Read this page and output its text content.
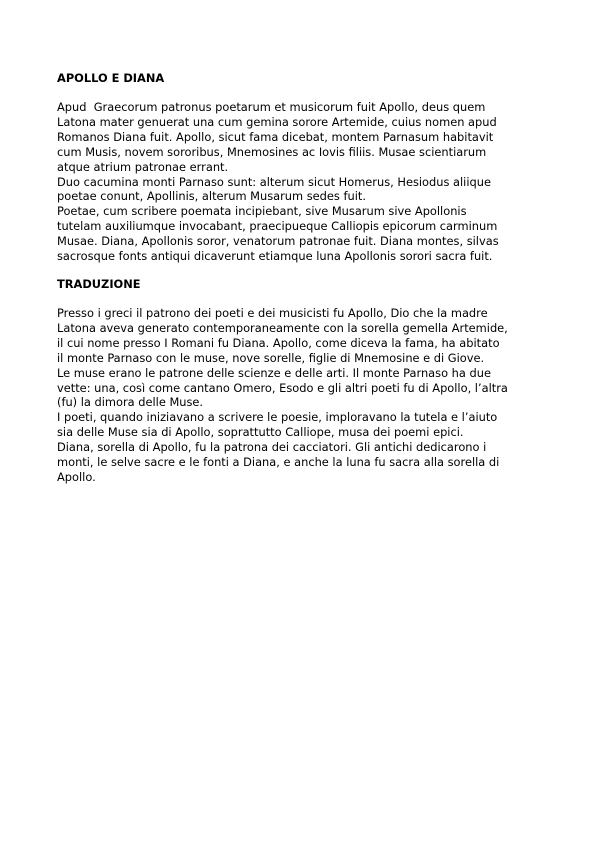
APOLLO E DIANA

Apud  Graecorum patronus poetarum et musicorum fuit Apollo, deus quem

Latona mater genuerat una cum gemina sorore Artemide, cuius nomen apud

Romanos Diana fuit. Apollo, sicut fama dicebat, montem Parnasum habitavit

cum Musis, novem sororibus, Mnemosines ac Iovis filiis. Musae scientiarum

atque atrium patronae errant.

Duo cacumina monti Parnaso sunt: alterum sicut Homerus, Hesiodus aliique

poetae conunt, Apollinis, alterum Musarum sedes fuit.

Poetae, cum scribere poemata incipiebant, sive Musarum sive Apollonis

tutelam auxiliumque invocabant, praecipueque Calliopis epicorum carminum

Musae. Diana, Apollonis soror, venatorum patronae fuit. Diana montes, silvas

sacrosque fonts antiqui dicaverunt etiamque luna Apollonis sorori sacra fuit.

TRADUZIONE

Presso i greci il patrono dei poeti e dei musicisti fu Apollo, Dio che la madre

Latona aveva generato contemporaneamente con la sorella gemella Artemide,

il cui nome presso I Romani fu Diana. Apollo, come diceva la fama, ha abitato

il monte Parnaso con le muse, nove sorelle, figlie di Mnemosine e di Giove.

Le muse erano le patrone delle scienze e delle arti. Il monte Parnaso ha due

vette: una, così come cantano Omero, Esodo e gli altri poeti fu di Apollo, l’altra

(fu) la dimora delle Muse.

I poeti, quando iniziavano a scrivere le poesie, imploravano la tutela e l’aiuto

sia delle Muse sia di Apollo, soprattutto Calliope, musa dei poemi epici.

Diana, sorella di Apollo, fu la patrona dei cacciatori. Gli antichi dedicarono i

monti, le selve sacre e le fonti a Diana, e anche la luna fu sacra alla sorella di

Apollo.
